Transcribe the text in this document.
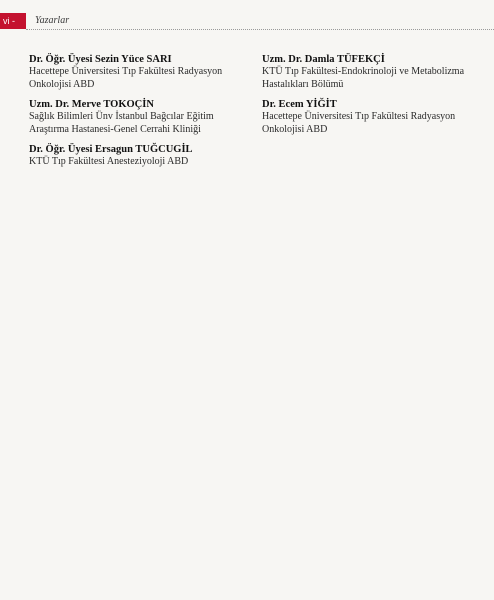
vi -	Yazarlar

Dr. Öğr. Üyesi Sezin Yüce SARI

Hacettepe Üniversitesi Tıp Fakültesi Radyasyon Onkolojisi ABD

Uzm. Dr. Merve TOKOÇİN

Sağlık Bilimleri Ünv İstanbul Bağcılar Eğitim Araştırma Hastanesi-Genel Cerrahi Kliniği

Dr. Öğr. Üyesi Ersagun TUĞCUGİL

KTÜ Tıp Fakültesi Anesteziyoloji ABD

Uzm. Dr. Damla TÜFEKÇİ

KTÜ Tıp Fakültesi-Endokrinoloji ve Metabolizma Hastalıkları Bölümü

Dr. Ecem YİĞİT

Hacettepe Üniversitesi Tıp Fakültesi Radyasyon Onkolojisi ABD
